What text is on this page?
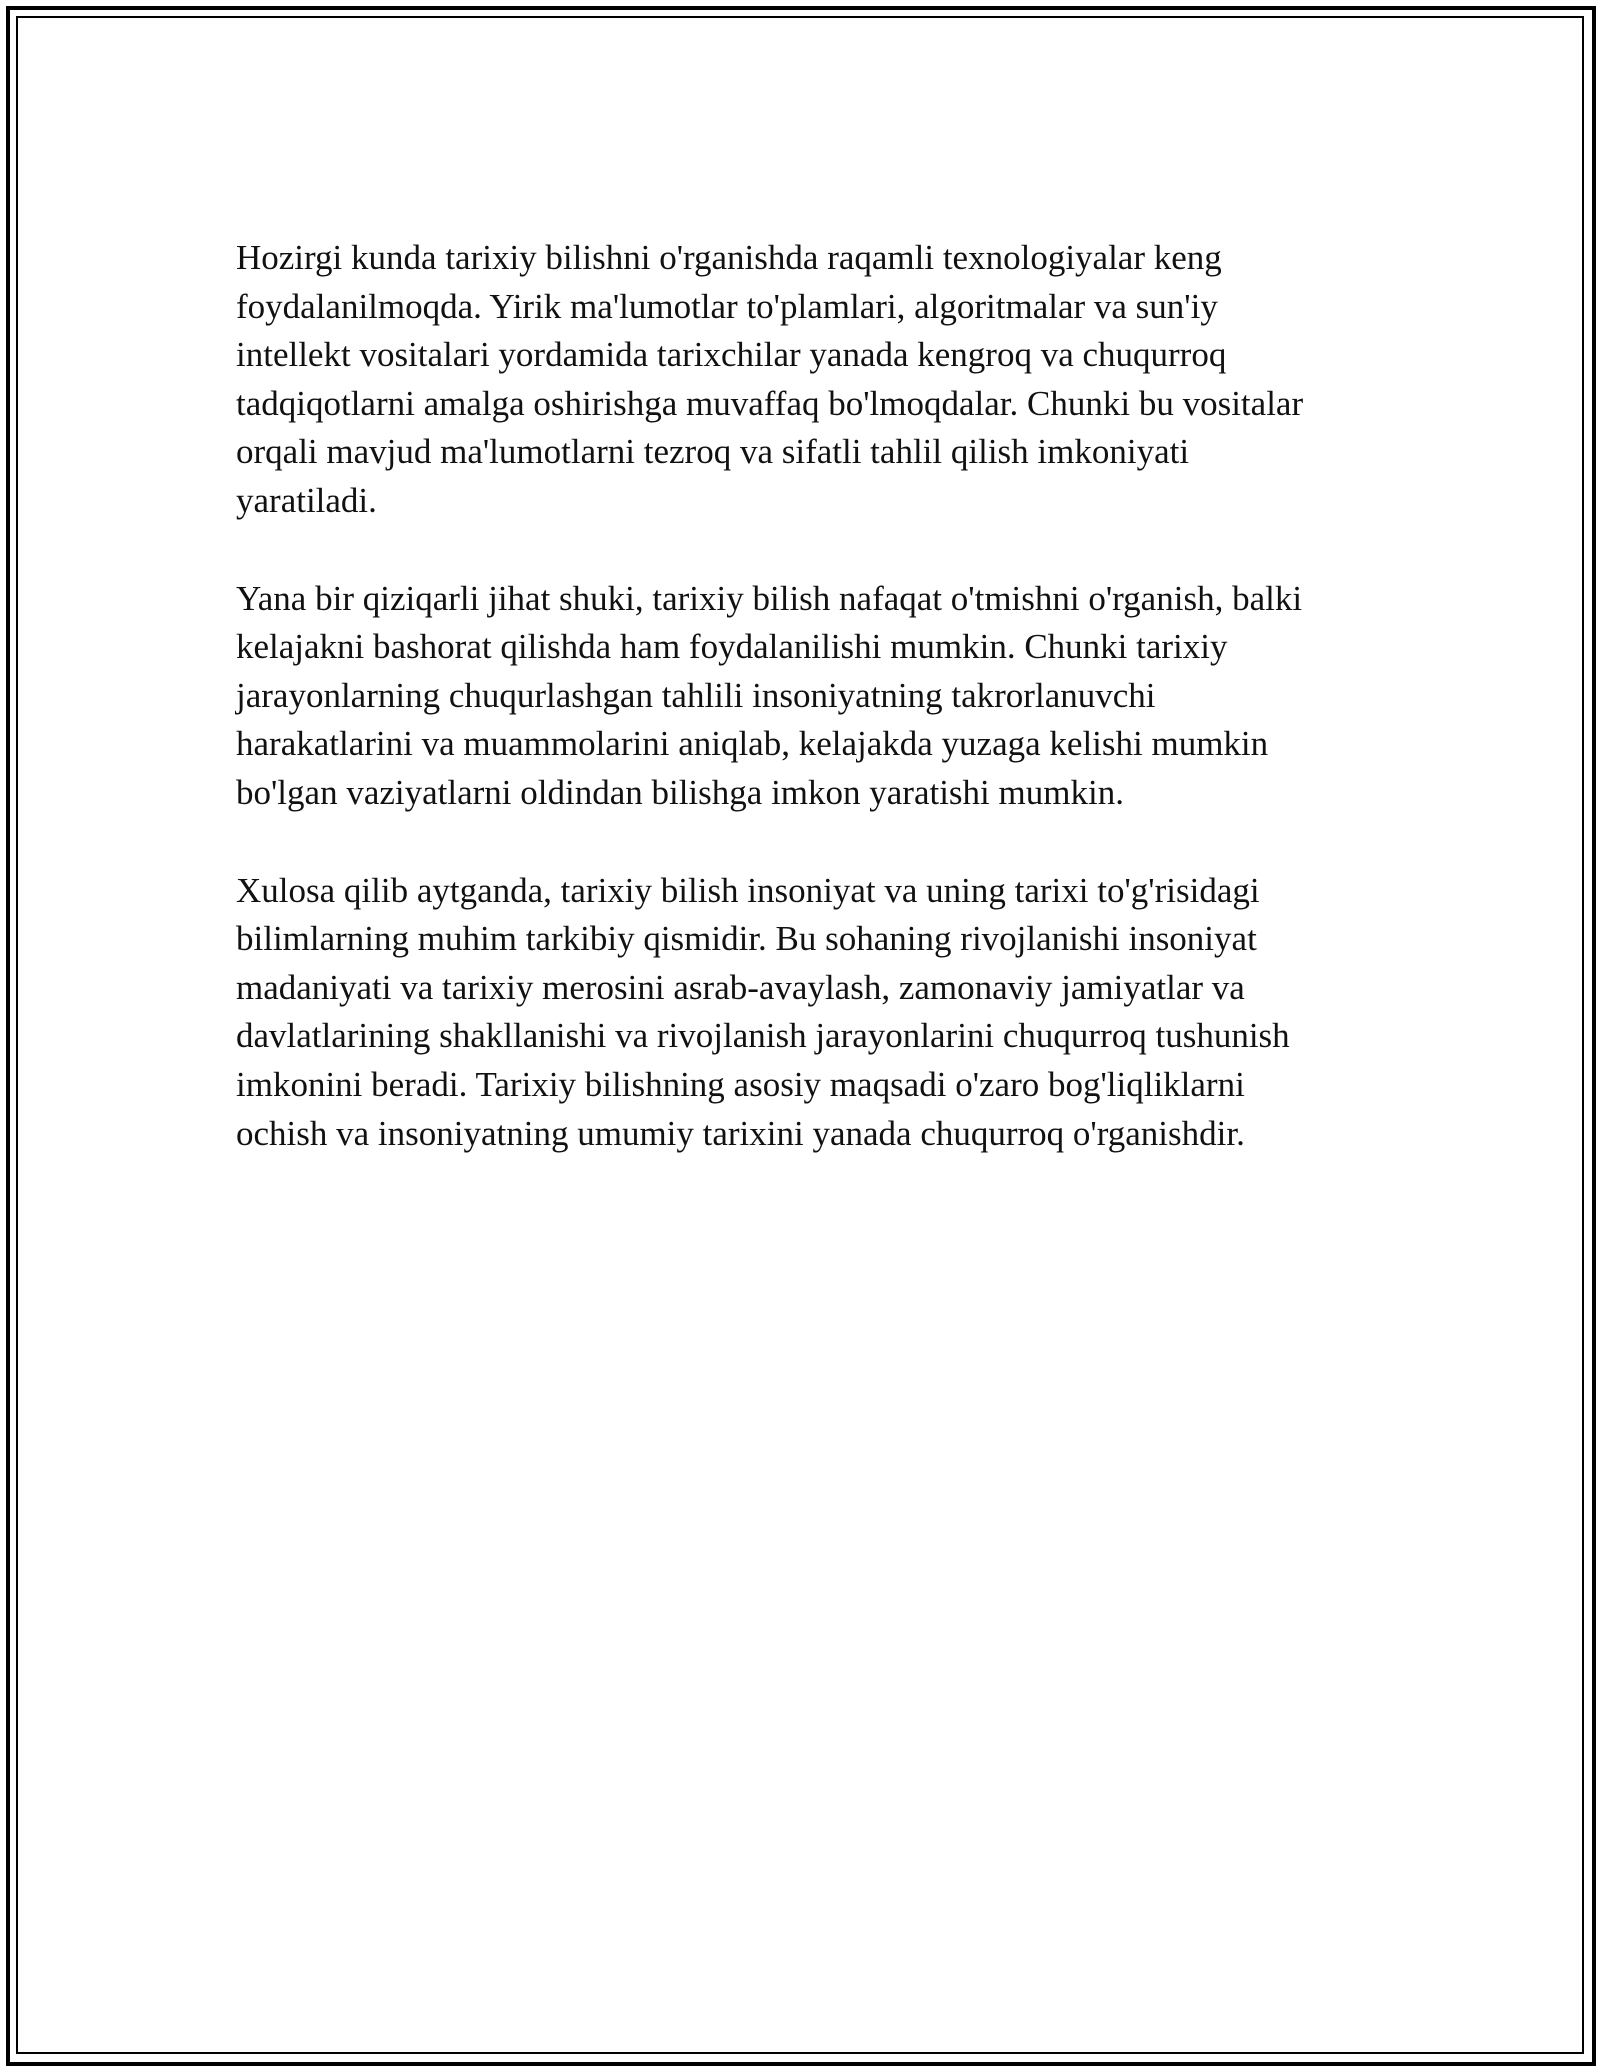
Hozirgi kunda tarixiy bilishni o'rganishda raqamli texnologiyalar keng
foydalanilmoqda. Yirik ma'lumotlar to'plamlari, algoritmalar va sun'iy
intellekt vositalari yordamida tarixchilar yanada kengroq va chuqurroq
tadqiqotlarni amalga oshirishga muvaffaq bo'lmoqdalar. Chunki bu vositalar
orqali mavjud ma'lumotlarni tezroq va sifatli tahlil qilish imkoniyati
yaratiladi.

Yana bir qiziqarli jihat shuki, tarixiy bilish nafaqat o'tmishni o'rganish, balki
kelajakni bashorat qilishda ham foydalanilishi mumkin. Chunki tarixiy
jarayonlarning chuqurlashgan tahlili insoniyatning takrorlanuvchi
harakatlarini va muammolarini aniqlab, kelajakda yuzaga kelishi mumkin
bo'lgan vaziyatlarni oldindan bilishga imkon yaratishi mumkin.

Xulosa qilib aytganda, tarixiy bilish insoniyat va uning tarixi to'g'risidagi
bilimlarning muhim tarkibiy qismidir. Bu sohaning rivojlanishi insoniyat
madaniyati va tarixiy merosini asrab-avaylash, zamonaviy jamiyatlar va
davlatlarining shakllanishi va rivojlanish jarayonlarini chuqurroq tushunish
imkonini beradi. Tarixiy bilishning asosiy maqsadi o'zaro bog'liqliklarni
ochish va insoniyatning umumiy tarixini yanada chuqurroq o'rganishdir.
